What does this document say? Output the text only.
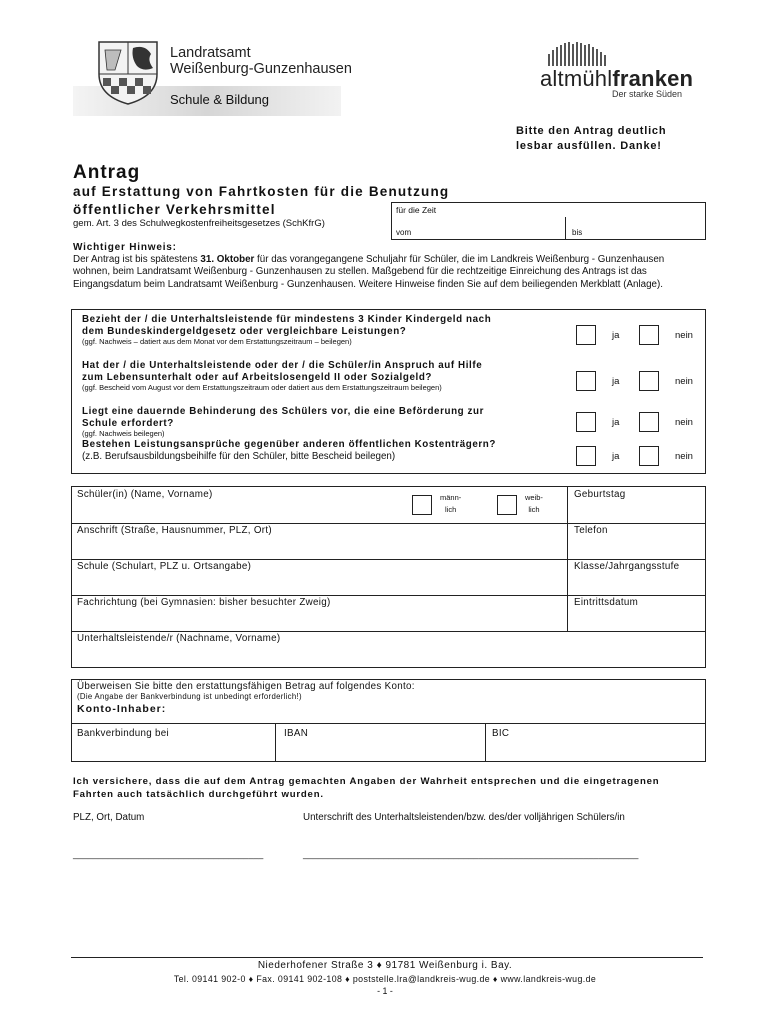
Landratsamt
Weißenburg-Gunzenhausen
Schule & Bildung
altmühlfranken
Der starke Süden
Bitte den Antrag deutlich
lesbar ausfüllen. Danke!
Antrag
auf Erstattung von Fahrtkosten für die Benutzung
öffentlicher Verkehrsmittel
gem. Art. 3 des Schulwegkostenfreiheitsgesetzes (SchKfrG)
für die Zeit
vom	bis
Wichtiger Hinweis:
Der Antrag ist bis spätestens 31. Oktober für das vorangegangene Schuljahr für Schüler, die im Landkreis Weißenburg - Gunzenhausen wohnen, beim Landratsamt Weißenburg - Gunzenhausen zu stellen. Maßgebend für die rechtzeitige Einreichung des Antrags ist das Eingangsdatum beim Landratsamt Weißenburg - Gunzenhausen. Weitere Hinweise finden Sie auf dem beiliegenden Merkblatt (Anlage).
Bezieht der / die Unterhaltsleistende für mindestens 3 Kinder Kindergeld nach
dem Bundeskindergeldgesetz oder vergleichbare Leistungen?
(ggf. Nachweis – datiert aus dem Monat vor dem Erstattungszeitraum – beilegen)
ja	nein
Hat der / die Unterhaltsleistende oder der / die Schüler/in Anspruch auf Hilfe
zum Lebensunterhalt oder auf Arbeitslosengeld II oder Sozialgeld?
(ggf. Bescheid vom August vor dem Erstattungszeitraum oder datiert aus dem Erstattungszeitraum beilegen)
ja	nein
Liegt eine dauernde Behinderung des Schülers vor, die eine Beförderung zur
Schule erfordert?
(ggf. Nachweis beilegen)
ja	nein
Bestehen Leistungsansprüche gegenüber anderen öffentlichen Kostenträgern?
(z.B. Berufsausbildungsbeihilfe für den Schüler, bitte Bescheid beilegen)	ja	nein
Schüler(in) (Name, Vorname)	männ-
lich
weib-
lich
Geburtstag
Anschrift (Straße, Hausnummer, PLZ, Ort)	Telefon
Schule (Schulart, PLZ u. Ortsangabe)	Klasse/Jahrgangsstufe
Fachrichtung (bei Gymnasien: bisher besuchter Zweig)	Eintrittsdatum
Unterhaltsleistende/r (Nachname, Vorname)
Überweisen Sie bitte den erstattungsfähigen Betrag auf folgendes Konto:
(Die Angabe der Bankverbindung ist unbedingt erforderlich!)
Konto-Inhaber:
Bankverbindung bei	IBAN	BIC
Ich versichere, dass die auf dem Antrag gemachten Angaben der Wahrheit entsprechen und die eingetragenen Fahrten auch tatsächlich durchgeführt wurden.
PLZ, Ort, Datum	Unterschrift des Unterhaltsleistenden/bzw. des/der volljährigen Schülers/in
______________________________________	___________________________________________________________________
Niederhofener Straße 3 ♦ 91781 Weißenburg i. Bay.
Tel. 09141 902-0 ♦ Fax. 09141 902-108 ♦ poststelle.lra@landkreis-wug.de ♦ www.landkreis-wug.de
- 1 -
